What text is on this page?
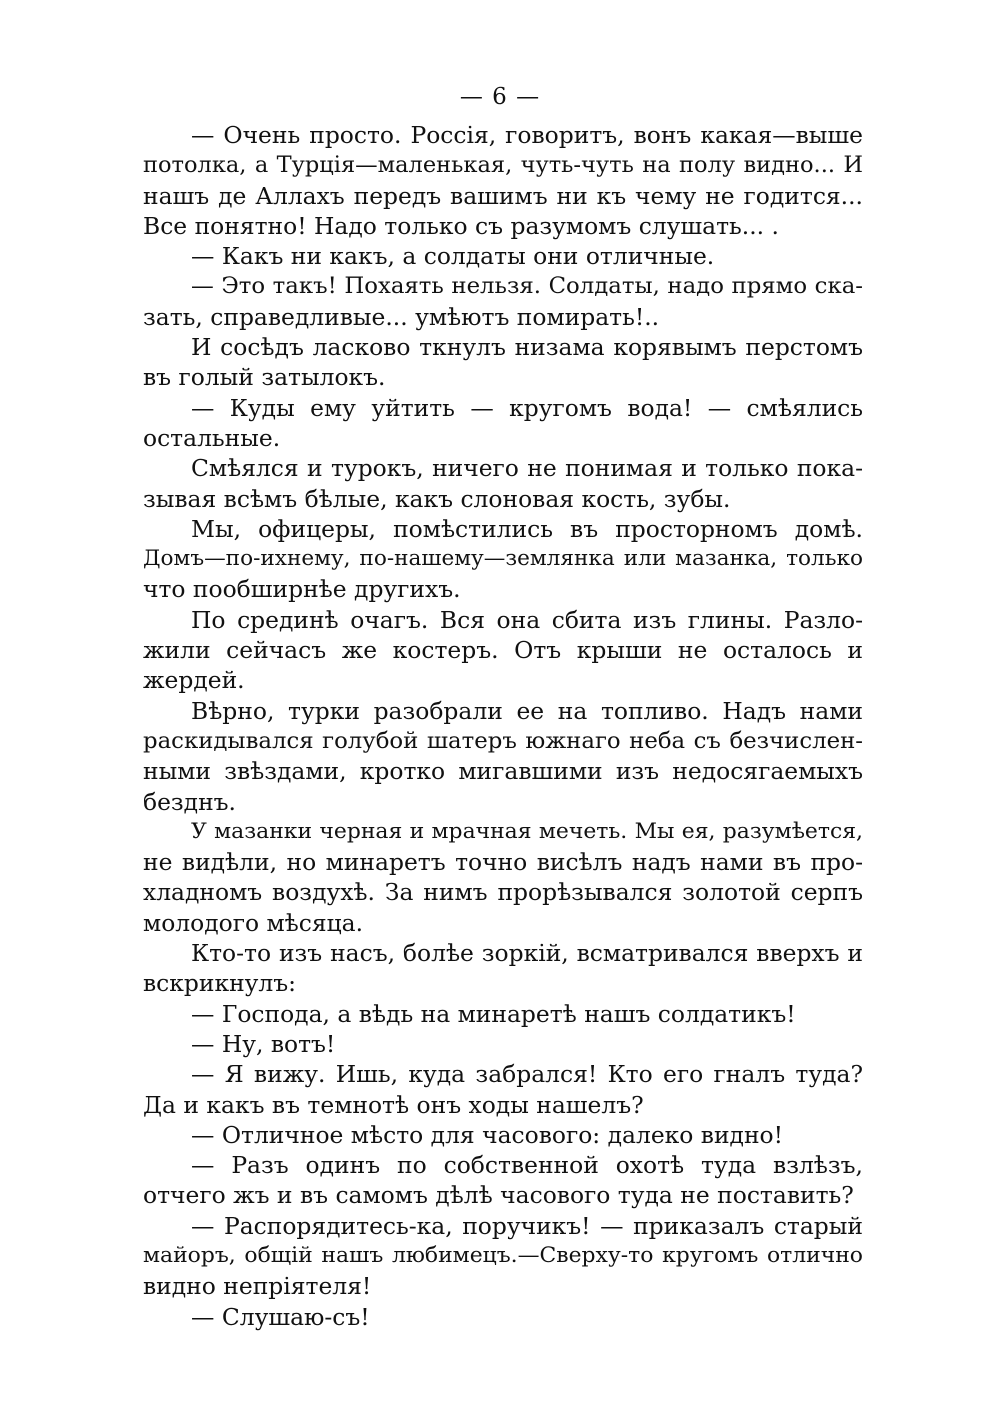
— 6 —
— Очень просто. Россія, говоритъ, вонъ какая—выше
потолка, а Турція—маленькая, чуть-чуть на полу видно... И
нашъ де Аллахъ передъ вашимъ ни къ чему не годится...
Все понятно! Надо только съ разумомъ слушать... .
— Какъ ни какъ, а солдаты они отличные.
— Это такъ! Похаять нельзя. Солдаты, надо прямо ска-
зать, справедливые... умѣютъ помирать!..
И сосѣдъ ласково ткнулъ низама корявымъ перстомъ
въ голый затылокъ.
— Куды ему уйтить — кругомъ вода! — смѣялись
остальные.
Смѣялся и турокъ, ничего не понимая и только пока-
зывая всѣмъ бѣлые, какъ слоновая кость, зубы.
Мы, офицеры, помѣстились въ просторномъ домѣ.
Домъ—по-ихнему, по-нашему—землянка или мазанка, только
что пообширнѣе другихъ.
По срединѣ очагъ. Вся она сбита изъ глины. Разло-
жили сейчасъ же костеръ. Отъ крыши не осталось и
жердей.
Вѣрно, турки разобрали ее на топливо. Надъ нами
раскидывался голубой шатеръ южнаго неба съ безчислен-
ными звѣздами, кротко мигавшими изъ недосягаемыхъ
безднъ.
У мазанки черная и мрачная мечеть. Мы ея, разумѣется,
не видѣли, но минаретъ точно висѣлъ надъ нами въ про-
хладномъ воздухѣ. За нимъ прорѣзывался золотой серпъ
молодого мѣсяца.
Кто-то изъ насъ, болѣе зоркій, всматривался вверхъ и
вскрикнулъ:
— Господа, а вѣдь на минаретѣ нашъ солдатикъ!
— Ну, вотъ!
— Я вижу. Ишь, куда забрался! Кто его гналъ туда?
Да и какъ въ темнотѣ онъ ходы нашелъ?
— Отличное мѣсто для часового: далеко видно!
— Разъ одинъ по собственной охотѣ туда взлѣзъ,
отчего жъ и въ самомъ дѣлѣ часового туда не поставить?
— Распорядитесь-ка, поручикъ! — приказалъ старый
майоръ, общій нашъ любимецъ.—Сверху-то кругомъ отлично
видно непріятеля!
— Слушаю-съ!
